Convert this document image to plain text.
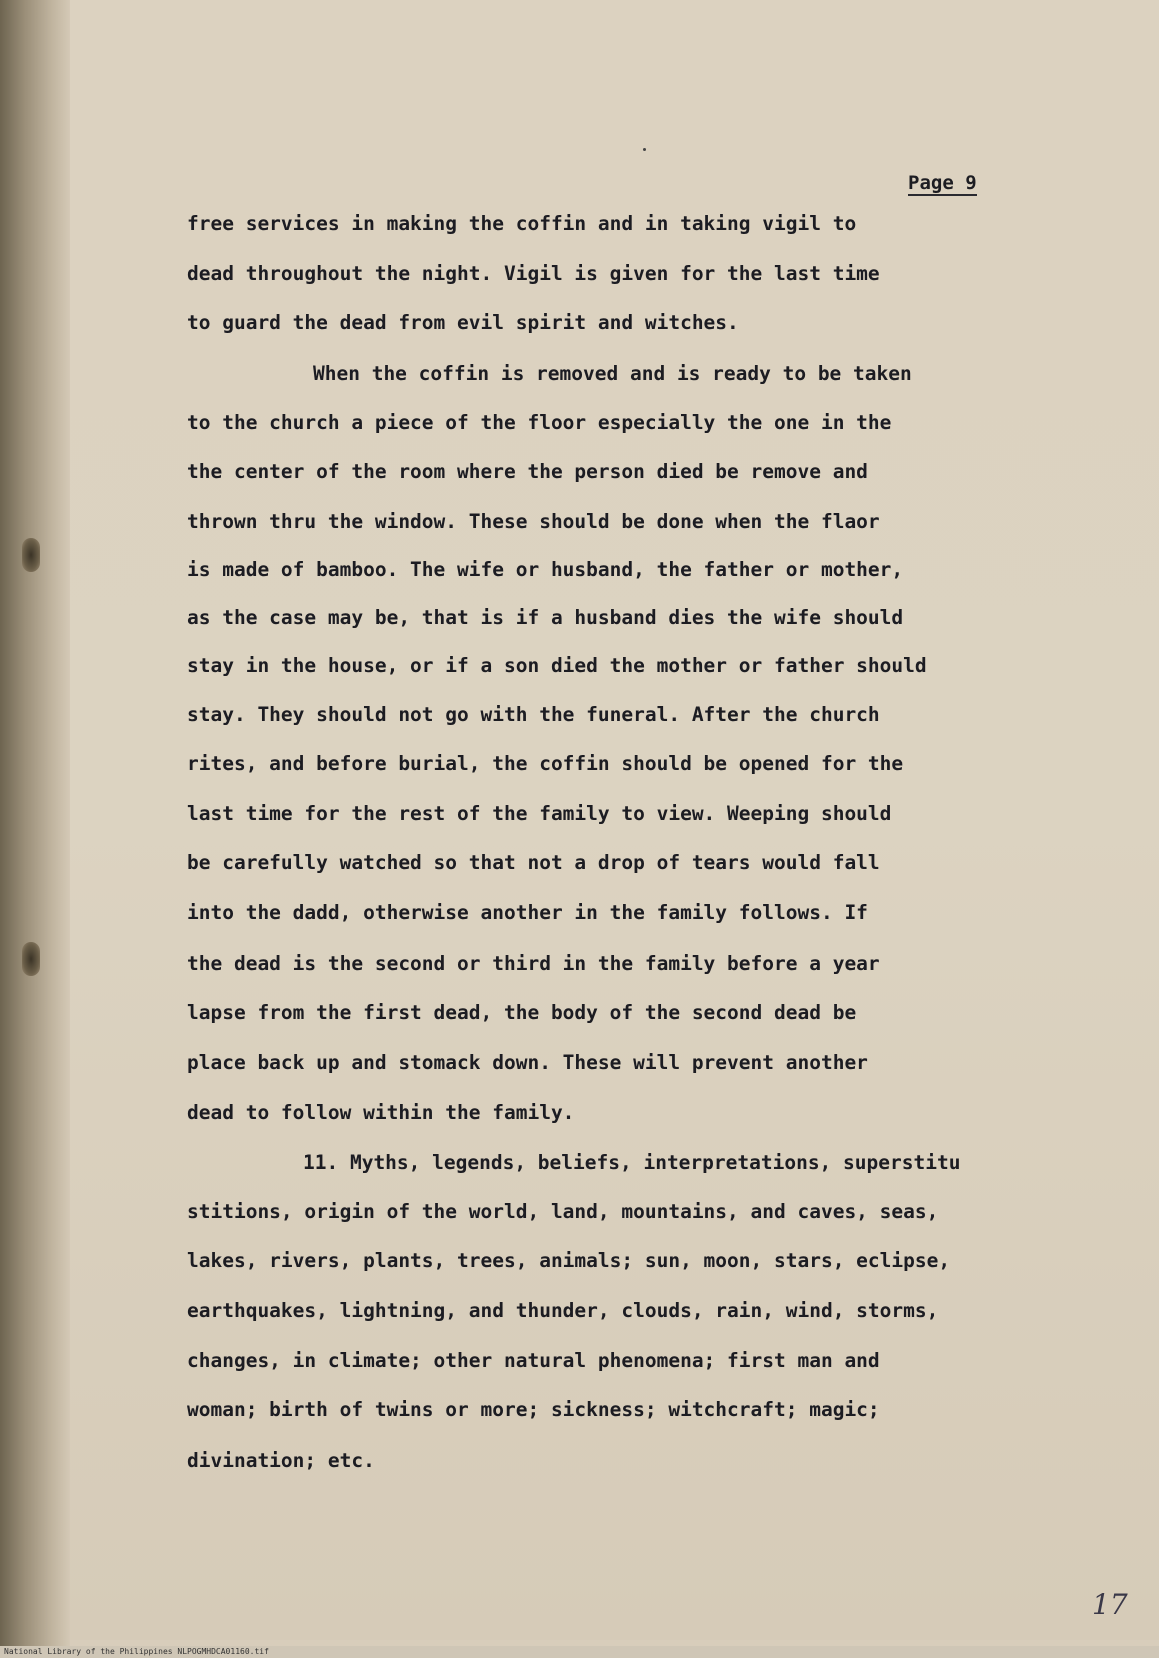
Page 9
free services in making the coffin and in taking vigil to
dead throughout the night. Vigil is given for the last time
to guard the dead from evil spirit and witches.
When the coffin is removed and is ready to be taken
to the church a piece of the floor especially the one in the
the center of the room where the person died be remove and
thrown thru the window. These should be done when the flaor
is made of bamboo. The wife or husband, the father or mother,
as the case may be, that is if a husband dies the wife should
stay in the house, or if a son died the mother or father should
stay. They should not go with the funeral. After the church
rites, and before burial, the coffin should be opened for the
last time for the rest of the family to view. Weeping should
be carefully watched so that not a drop of tears would fall
into the dadd, otherwise another in the family follows. If
the dead is the second or third in the family before a year
lapse from the first dead, the body of the second dead be
place back up and stomack down. These will prevent another
dead to follow within the family.
11. Myths, legends, beliefs, interpretations, superstitu
stitions, origin of the world, land, mountains, and caves, seas,
lakes, rivers, plants, trees, animals; sun, moon, stars, eclipse,
earthquakes, lightning, and thunder, clouds, rain, wind, storms,
changes, in climate; other natural phenomena; first man and
woman; birth of twins or more; sickness; witchcraft; magic;
divination; etc.
17
National Library of the Philippines NLPOGMHDCA01160.tif
